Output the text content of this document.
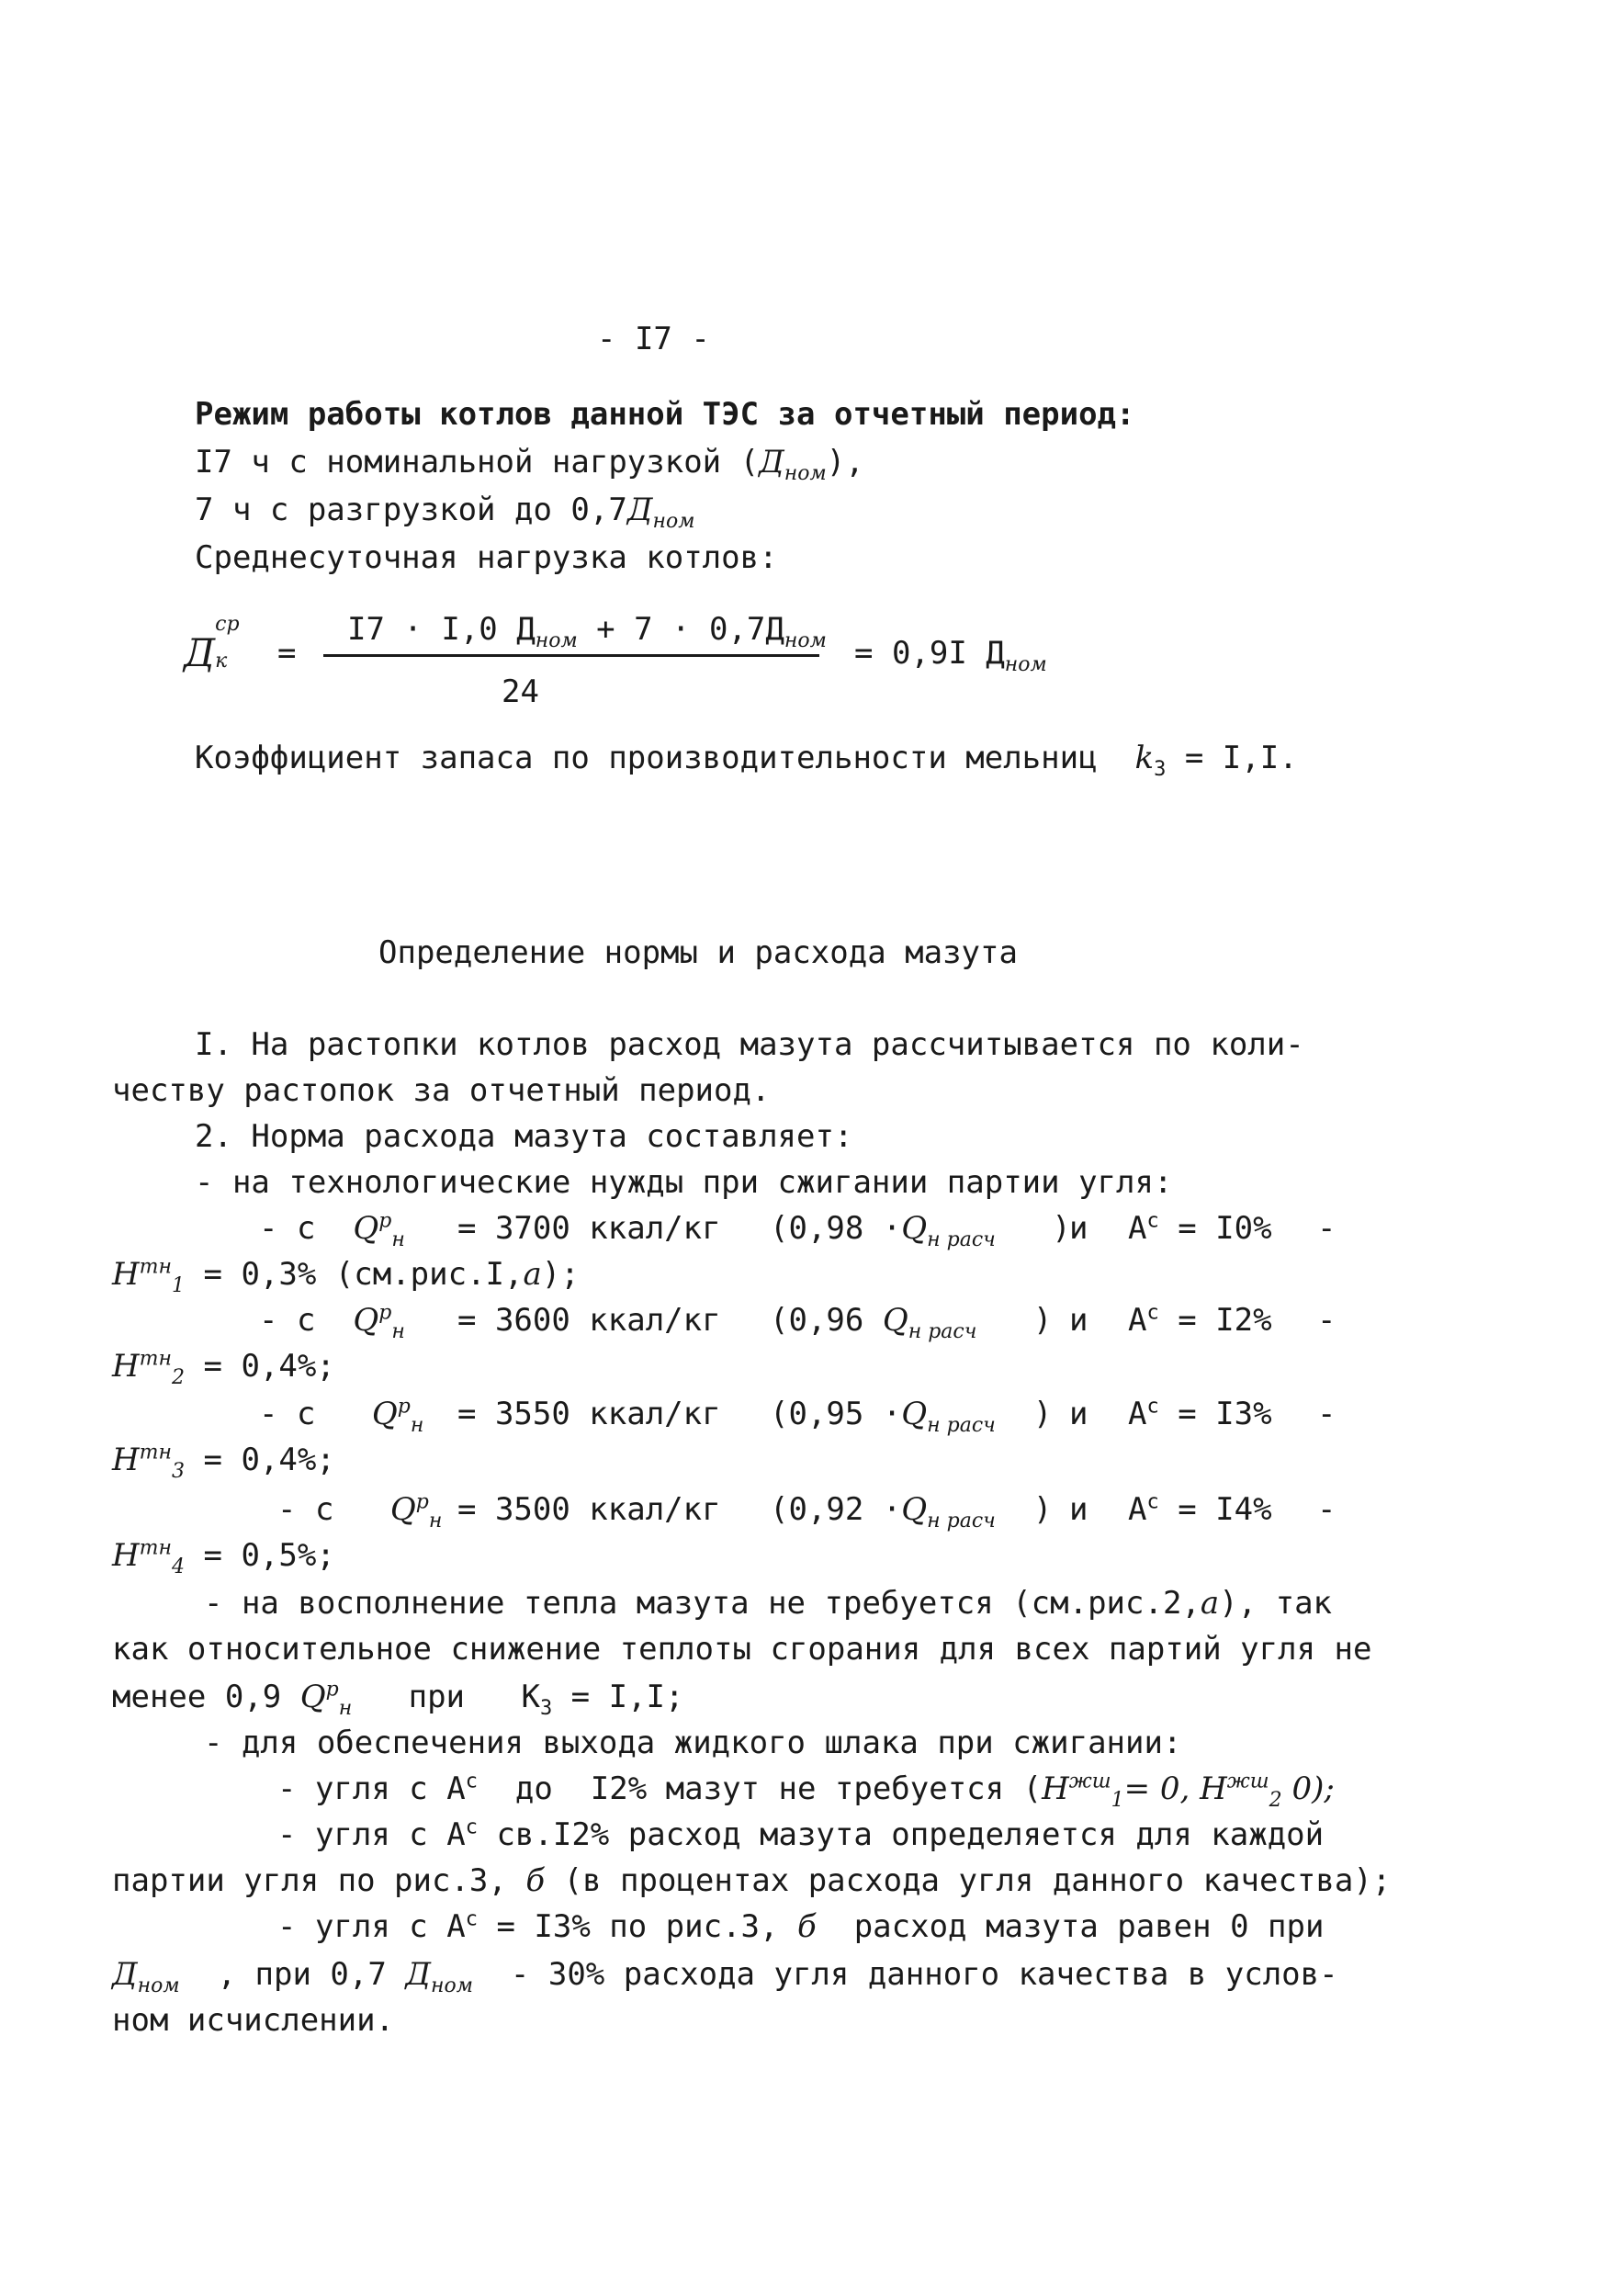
- I7 -
Режим работы котлов данной ТЭС за отчетный период:
I7 ч с номинальной нагрузкой $(Д_{ном})$,
7 ч с разгрузкой до $0,7Д_{ном}$
Среднесуточная нагрузка котлов:
Д
ср
к =
I7 · I,0 $Д_{ном} + 7 \cdot 0,7Д_{ном}$
24
= 0,9I $Д_{ном}$
Коэффициент запаса по производительности мельниц $k_3 = I,I$.
Определение нормы и расхода мазута
I. На растопки котлов расход мазута рассчитывается по коли-
честву растопок за отчетный период.
2. Норма расхода мазута составляет:
- на технологические нужды при сжигании партии угля:
- с $Q^р_н = 3700$ ккал/кг ($0,98 \cdot Q_{н расч}$   )
и $A^c = I0\%$ -
$H^{тн}_1 = 0,3\%$ (см.рис.I,а);
- с $Q^р_н = 3600$ ккал/кг (0,96 $Q_{н расч}$   ) и $A^c = I2\%$ -
$H^{тн}_2 = 0,4\%$;
- с $Q^р_н = 3550$ ккал/кг ($0,95 \cdot Q_{н расч}$  ) и $A^c = I3\%$ -
$H^{тн}_3 = 0,4\%$;
- с $Q^р_н = 3500$ ккал/кг ($0,92 \cdot Q_{н расч}$  ) и $A^c = I4\%$ -
$H^{тн}_4 = 0,5\%$;
- на восполнение тепла мазута не требуется (см.рис.2,а), так
как относительное снижение теплоты сгорания для всех партий угля не
менее 0,9 $Q^р_н$ при $K_3 = I,I$;
- для обеспечения выхода жидкого шлака при сжигании:
- угля с $A^c$ до  I2% мазут не требуется ($H^{жш}_1= 0$, $H^{жш}_2$ 0);
- угля с $A^c$ св.I2% расход мазута определяется для каждой
партии угля по рис.3, б (в процентах расхода угля данного качества);
- угля с $A^c = I3\%$ по рис.3, б расход мазута равен 0 при
$Д_{ном}$ , при 0,7 $Д_{ном} - 30\%$ расхода угля данного качества в услов-
ном исчислении.
